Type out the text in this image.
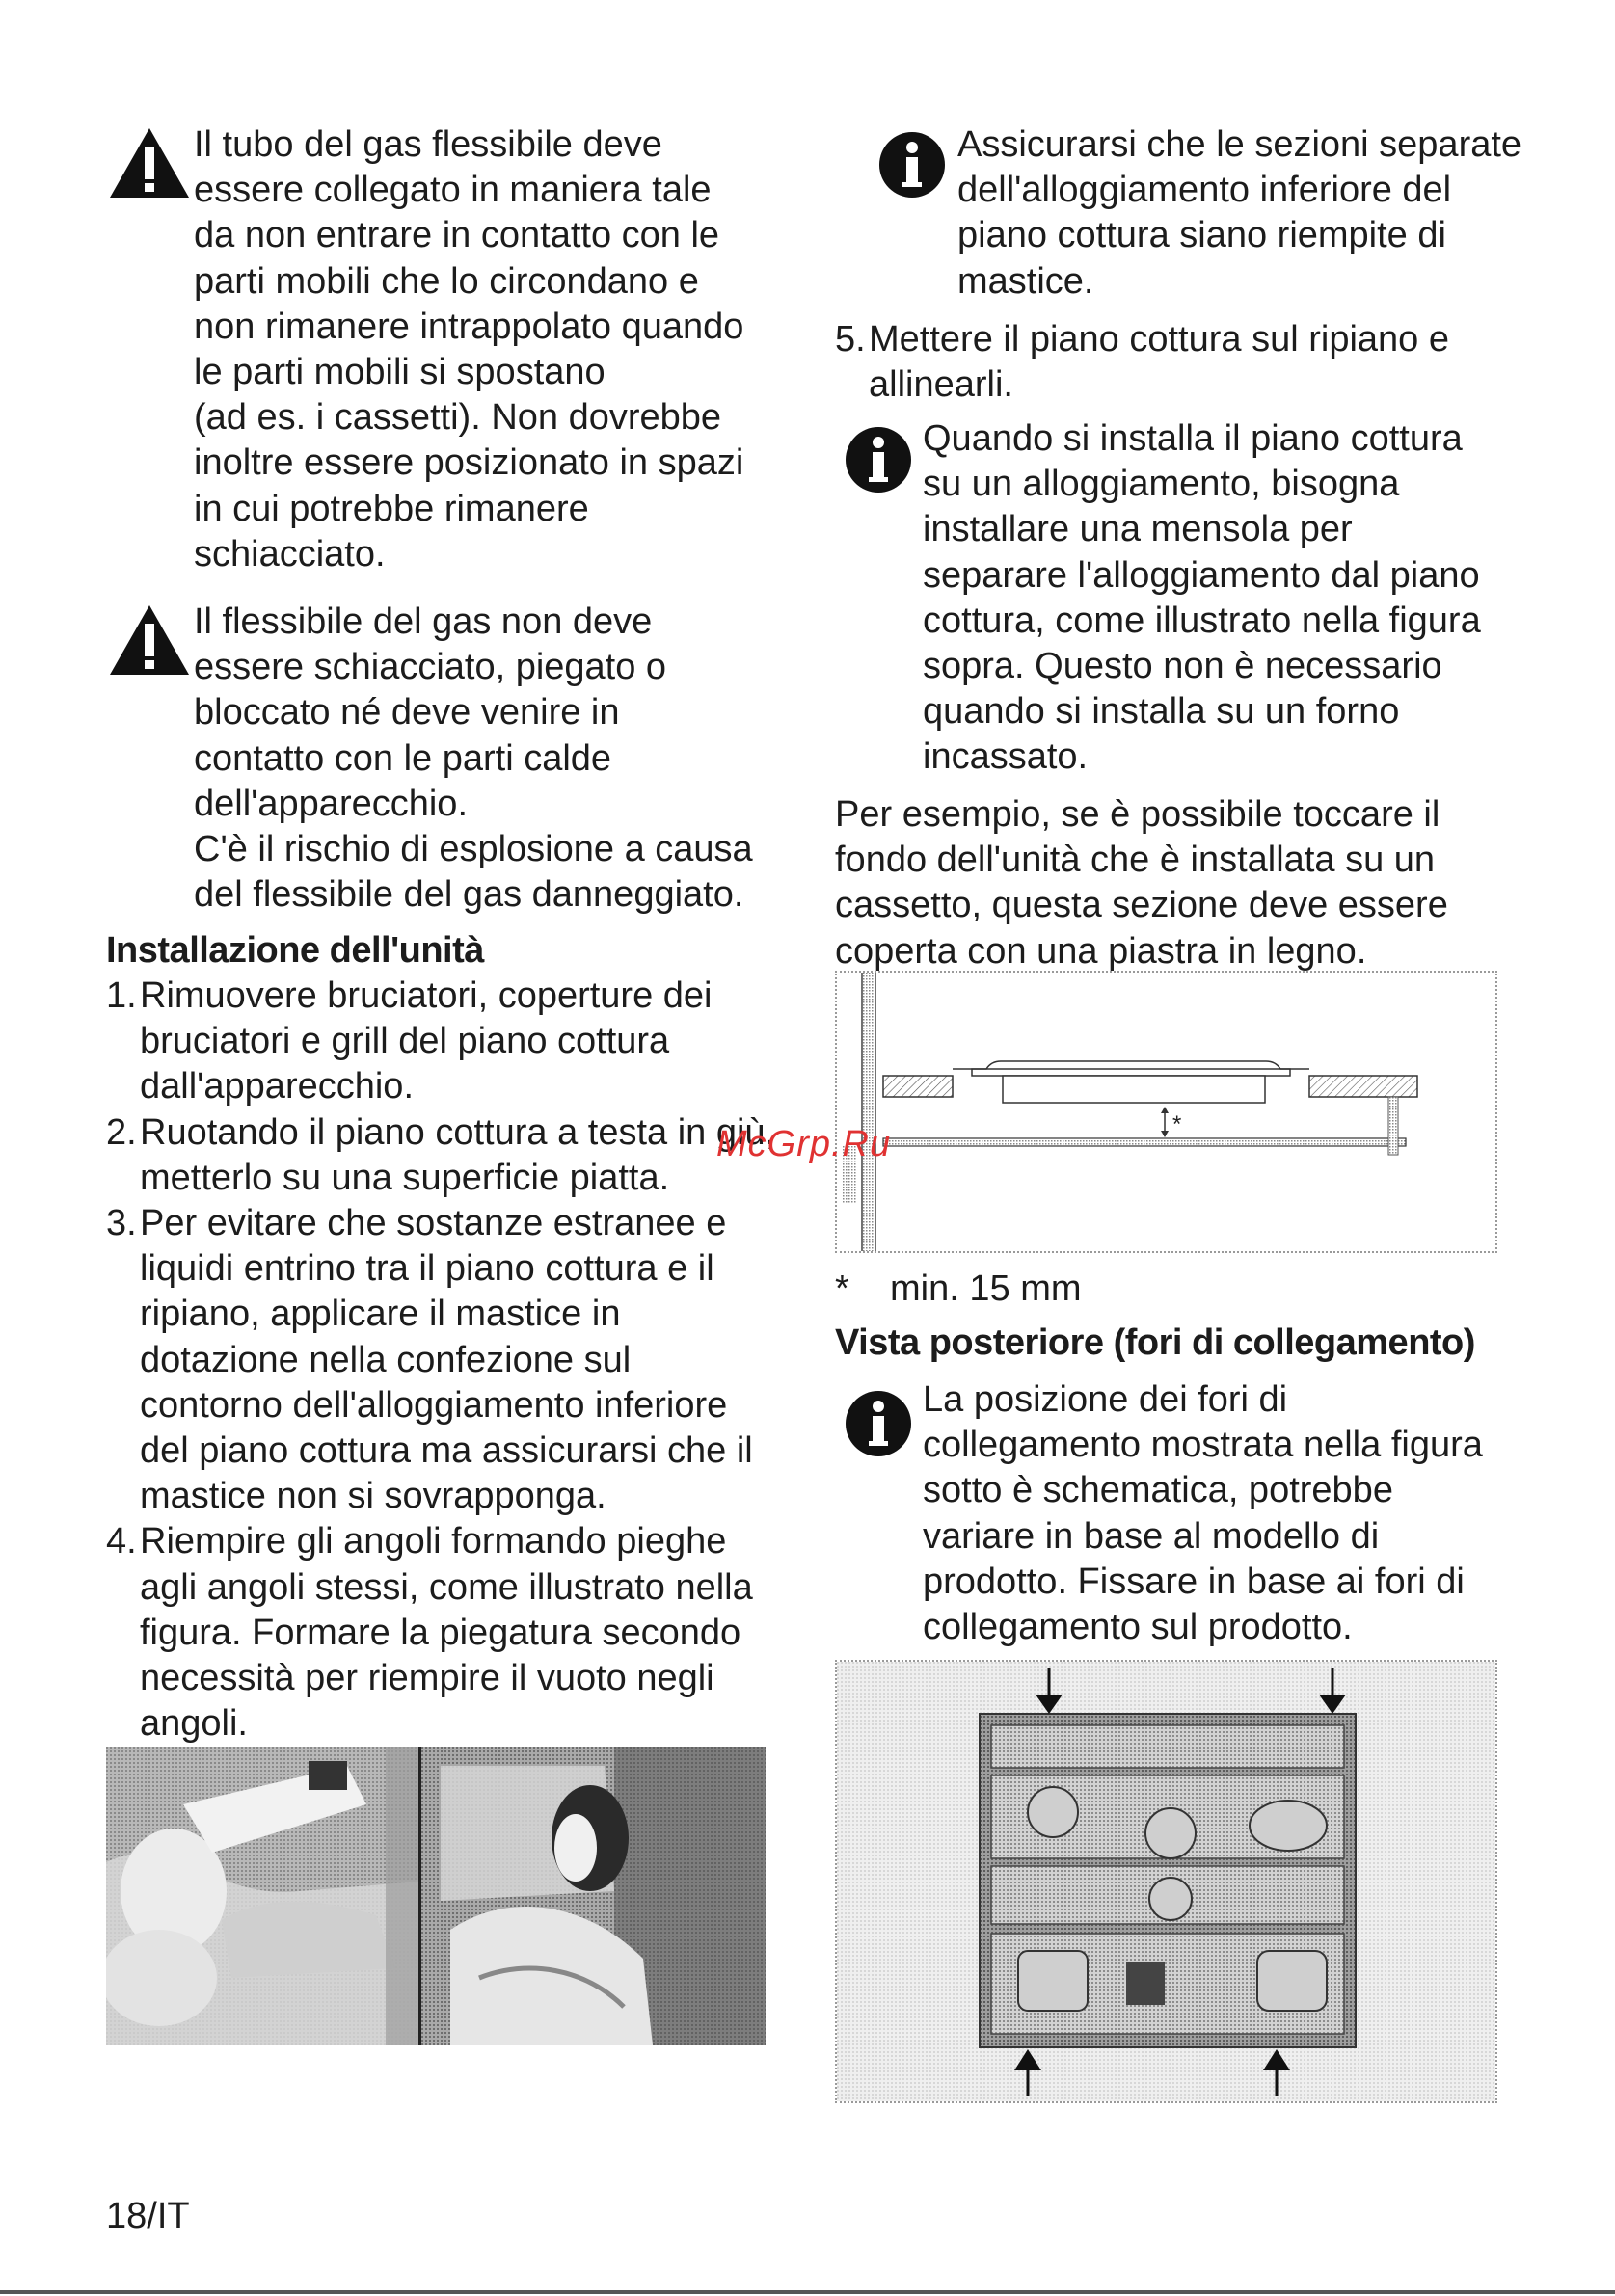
Il tubo del gas flessibile deve
essere collegato in maniera tale
da non entrare in contatto con le
parti mobili che lo circondano e
non rimanere intrappolato quando
le parti mobili si spostano
(ad es. i cassetti). Non dovrebbe
inoltre essere posizionato in spazi
in cui potrebbe rimanere
schiacciato.

Il flessibile del gas non deve
essere schiacciato, piegato o
bloccato né deve venire in
contatto con le parti calde
dell'apparecchio.
C'è il rischio di esplosione a causa
del flessibile del gas danneggiato.

Installazione dell'unità
1. Rimuovere bruciatori, coperture dei
bruciatori e grill del piano cottura
dall'apparecchio.
2. Ruotando il piano cottura a testa in giù,
metterlo su una superficie piatta.
3. Per evitare che sostanze estranee e
liquidi entrino tra il piano cottura e il
ripiano, applicare il mastice in
dotazione nella confezione sul
contorno dell'alloggiamento inferiore
del piano cottura ma assicurarsi che il
mastice non si sovrapponga.
4. Riempire gli angoli formando pieghe
agli angoli stessi, come illustrato nella
figura. Formare la piegatura secondo
necessità per riempire il vuoto negli
angoli.

Assicurarsi che le sezioni separate
dell'alloggiamento inferiore del
piano cottura siano riempite di
mastice.

5. Mettere il piano cottura sul ripiano e
allinearli.

Quando si installa il piano cottura
su un alloggiamento, bisogna
installare una mensola per
separare l'alloggiamento dal piano
cottura, come illustrato nella figura
sopra. Questo non è necessario
quando si installa su un forno
incassato.

Per esempio, se è possibile toccare il
fondo dell'unità che è installata su un
cassetto, questa sezione deve essere
coperta con una piastra in legno.

*

*    min. 15 mm

Vista posteriore (fori di collegamento)

La posizione dei fori di
collegamento mostrata nella figura
sotto è schematica, potrebbe
variare in base al modello di
prodotto. Fissare in base ai fori di
collegamento sul prodotto.

McGrp.Ru
18/IT
